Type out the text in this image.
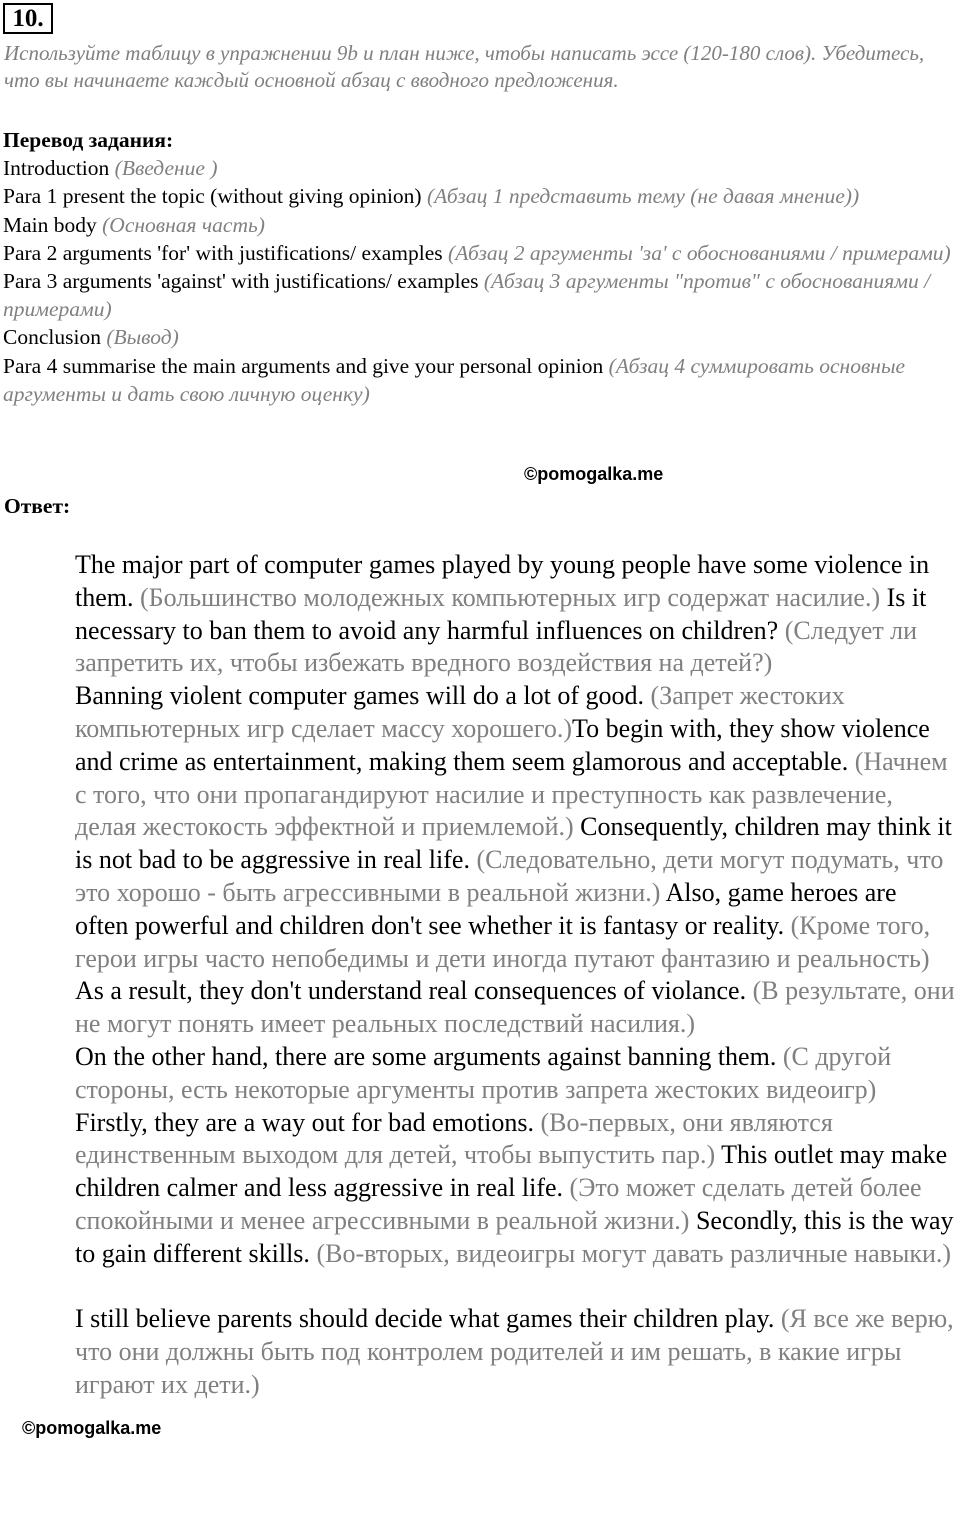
10.
Используйте таблицу в упражнении 9b и план ниже, чтобы написать эссе (120-180 слов). Убедитесь, что вы начинаете каждый основной абзац с вводного предложения.

Перевод задания:

Introduction (Введение )

Para 1 present the topic (without giving opinion) (Абзац 1 представить тему (не давая мнение))

Main body (Основная часть)

Para 2 arguments 'for' with justifications/ examples (Абзац 2 аргументы 'за' с обоснованиями / примерами)

Para 3 arguments 'against' with justifications/ examples (Абзац 3 аргументы "против" с обоснованиями / примерами)

Conclusion (Вывод)

Para 4 summarise the main arguments and give your personal opinion (Абзац 4 суммировать основные аргументы и дать свою личную оценку)

©pomogalka.me
Ответ:

The major part of computer games played by young people have some violence in them. (Большинство молодежных компьютерных игр содержат насилие.) Is it necessary to ban them to avoid any harmful influences on children? (Следует ли запретить их, чтобы избежать вредного воздействия на детей?)

Banning violent computer games will do a lot of good. (Запрет жестоких компьютерных игр сделает массу хорошего.)To begin with, they show violence and crime as entertainment, making them seem glamorous and acceptable. (Начнем с того, что они пропагандируют насилие и преступность как развлечение, делая жестокость эффектной и приемлемой.) Consequently, children may think it is not bad to be aggressive in real life. (Следовательно, дети могут подумать, что это хорошо - быть агрессивными в реальной жизни.) Also, game heroes are often powerful and children don't see whether it is fantasy or reality. (Кроме того, герои игры часто непобедимы и дети иногда путают фантазию и реальность) As a result, they don't understand real consequences of violance. (В результате, они не могут понять имеет реальных последствий насилия.)

On the other hand, there are some arguments against banning them. (С другой стороны, есть некоторые аргументы против запрета жестоких видеоигр) Firstly, they are a way out for bad emotions. (Во-первых, они являются единственным выходом для детей, чтобы выпустить пар.) This outlet may make children calmer and less aggressive in real life. (Это может сделать детей более спокойными и менее агрессивными в реальной жизни.) Secondly, this is the way to gain different skills. (Во-вторых, видеоигры могут давать различные навыки.)

I still believe parents should decide what games their children play. (Я все же верю, что они должны быть под контролем родителей и им решать, в какие игры играют их дети.)

©pomogalka.me
